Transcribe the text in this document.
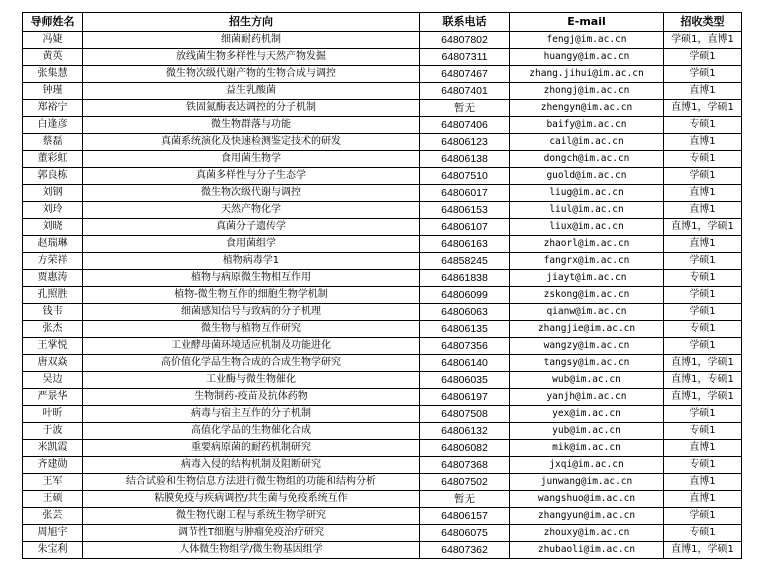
导师姓名	招生方向	联系电话	E-mail	招收类型
冯婕	细菌耐药机制	64807802	fengj@im.ac.cn	学硕1，直博1
黄英	放线菌生物多样性与天然产物发掘	64807311	huangy@im.ac.cn	学硕1
张集慧	微生物次级代谢产物的生物合成与调控	64807467	zhang.jihui@im.ac.cn	学硕1
钟瑾	益生乳酸菌	64807401	zhongj@im.ac.cn	直博1
郑裕宁	铁固氮酶表达调控的分子机制	暂无	zhengyn@im.ac.cn	直博1，学硕1
白逢彦	微生物群落与功能	64807406	baify@im.ac.cn	专硕1
蔡磊	真菌系统演化及快速检测鉴定技术的研发	64806123	cail@im.ac.cn	直博1
董彩虹	食用菌生物学	64806138	dongch@im.ac.cn	专硕1
郭良栋	真菌多样性与分子生态学	64807510	guold@im.ac.cn	学硕1
刘钢	微生物次级代谢与调控	64806017	liug@im.ac.cn	直博1
刘玲	天然产物化学	64806153	liul@im.ac.cn	直博1
刘晓	真菌分子遗传学	64806107	liux@im.ac.cn	直博1，学硕1
赵瑞琳	食用菌组学	64806163	zhaorl@im.ac.cn	直博1
方荣祥	植物病毒学1	64858245	fangrx@im.ac.cn	学硕1
贾惠涛	植物与病原微生物相互作用	64861838	jiayt@im.ac.cn	专硕1
孔照胜	植物-微生物互作的细胞生物学机制	64806099	zskong@im.ac.cn	学硕1
钱韦	细菌感知信号与致病的分子机理	64806063	qianw@im.ac.cn	学硕1
张杰	微生物与植物互作研究	64806135	zhangjie@im.ac.cn	专硕1
王掌悦	工业酵母菌环境适应机制及功能进化	64807356	wangzy@im.ac.cn	学硕1
唐双焱	高价值化学品生物合成的合成生物学研究	64806140	tangsy@im.ac.cn	直博1，学硕1
吴边	工业酶与微生物催化	64806035	wub@im.ac.cn	直博1，专硕1
严景华	生物制药-疫苗及抗体药物	64806197	yanjh@im.ac.cn	直博1，学硕1
叶昕	病毒与宿主互作的分子机制	64807508	yex@im.ac.cn	学硕1
于波	高值化学品的生物催化合成	64806132	yub@im.ac.cn	专硕1
米凯霞	重要病原菌的耐药机制研究	64806082	mik@im.ac.cn	直博1
齐建勋	病毒入侵的结构机制及阻断研究	64807368	jxqi@im.ac.cn	专硕1
王军	结合试验和生物信息方法进行微生物组的功能和结构分析	64807502	junwang@im.ac.cn	直博1
王硕	粘膜免疫与疾病调控/共生菌与免疫系统互作	暂无	wangshuo@im.ac.cn	直博1
张芸	微生物代谢工程与系统生物学研究	64806157	zhangyun@im.ac.cn	学硕1
周旭宇	调节性T细胞与肿瘤免疫治疗研究	64806075	zhouxy@im.ac.cn	专硕1
朱宝利	人体微生物组学/微生物基因组学	64807362	zhubaoli@im.ac.cn	直博1，学硕1
